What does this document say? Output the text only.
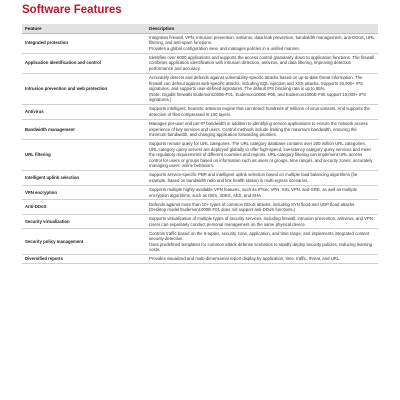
Software Features
Feature	Description
Integrated protection	Integrates firewall, VPN, intrusion prevention, antivirus, data leak prevention, bandwidth management, anti-DDoS, URL filtering, and anti-spam functions.
Provides a global configuration view, and manages policies in a unified manner.

Application identification and control	Identifies over 6000 applications and supports the access control granularity down to application functions. The firewall combines application identification with intrusion detection, antivirus, and data filtering, improving detection performance and accuracy.

Intrusion prevention and web protection	Accurately detects and defends against vulnerability-specific attacks based on up-to-date threat information. The firewall can defend against web-specific attacks, including SQL injection and XSS attacks. Supports 20,000+ IPS signatures, and supports user-defined signatures. The default IPS blocking rate is up to 85%.
(Note: Gigabit firewalls Eudemon1000E-F01, Eudemon1000E-F05, and Eudemon1000E-F06 support 15,000+ IPS signatures.)

Antivirus	Supports intelligent, heuristic antivirus engine that can detect hundreds of millions of virus variants. And supports the detection of files compressed in 100 layers.

Bandwidth management	Manages per-user and per-IP bandwidth in addition to identifying service applications to ensure the network access experience of key services and users. Control methods include limiting the maximum bandwidth, ensuring the minimum bandwidth, and changing application forwarding priorities.

URL filtering	Supports remote query for URL categories. The URL category database contains over 200 million URL categories. URL category query servers are deployed globally to offer high-speed, low-latency category query services and meet the regulatory requirements of different countries and regions. URL category filtering can implement URL access control for users or groups based on information such as users or groups, time ranges, and security zones, accurately managing users' online behaviors.

Intelligent uplink selection	Supports service-specific PBR and intelligent uplink selection based on multiple load balancing algorithms (for example, based on bandwidth ratio and link health status) in multi-egress scenarios.

VPN encryption	Supports multiple highly available VPN features, such as IPSec VPN, SSL VPN, and GRE, as well as multiple encryption algorithms, such as DES, 3DES, AES, and SHA.

Anti-DDoS	Defends against more than 10+ types of common DDoS attacks, including SYN flood and UDP flood attacks.
(Desktop model Eudemon1000E-F01 does not support anti-DDoS functions.)

Security virtualization	Supports virtualization of multiple types of security services, including firewall, intrusion prevention, antivirus, and VPN. Users can separately conduct personal management on the same physical device.

Security policy management	Controls traffic based on the 5-tuples, security zone, application, and time range, and implements integrated content security detection.
Uses predefined templates for common attack defense scenarios to rapidly deploy security policies, reducing learning costs.

Diversified reports	Provides visualized and multi-dimensional report display by application, time, traffic, threat, and URL.
